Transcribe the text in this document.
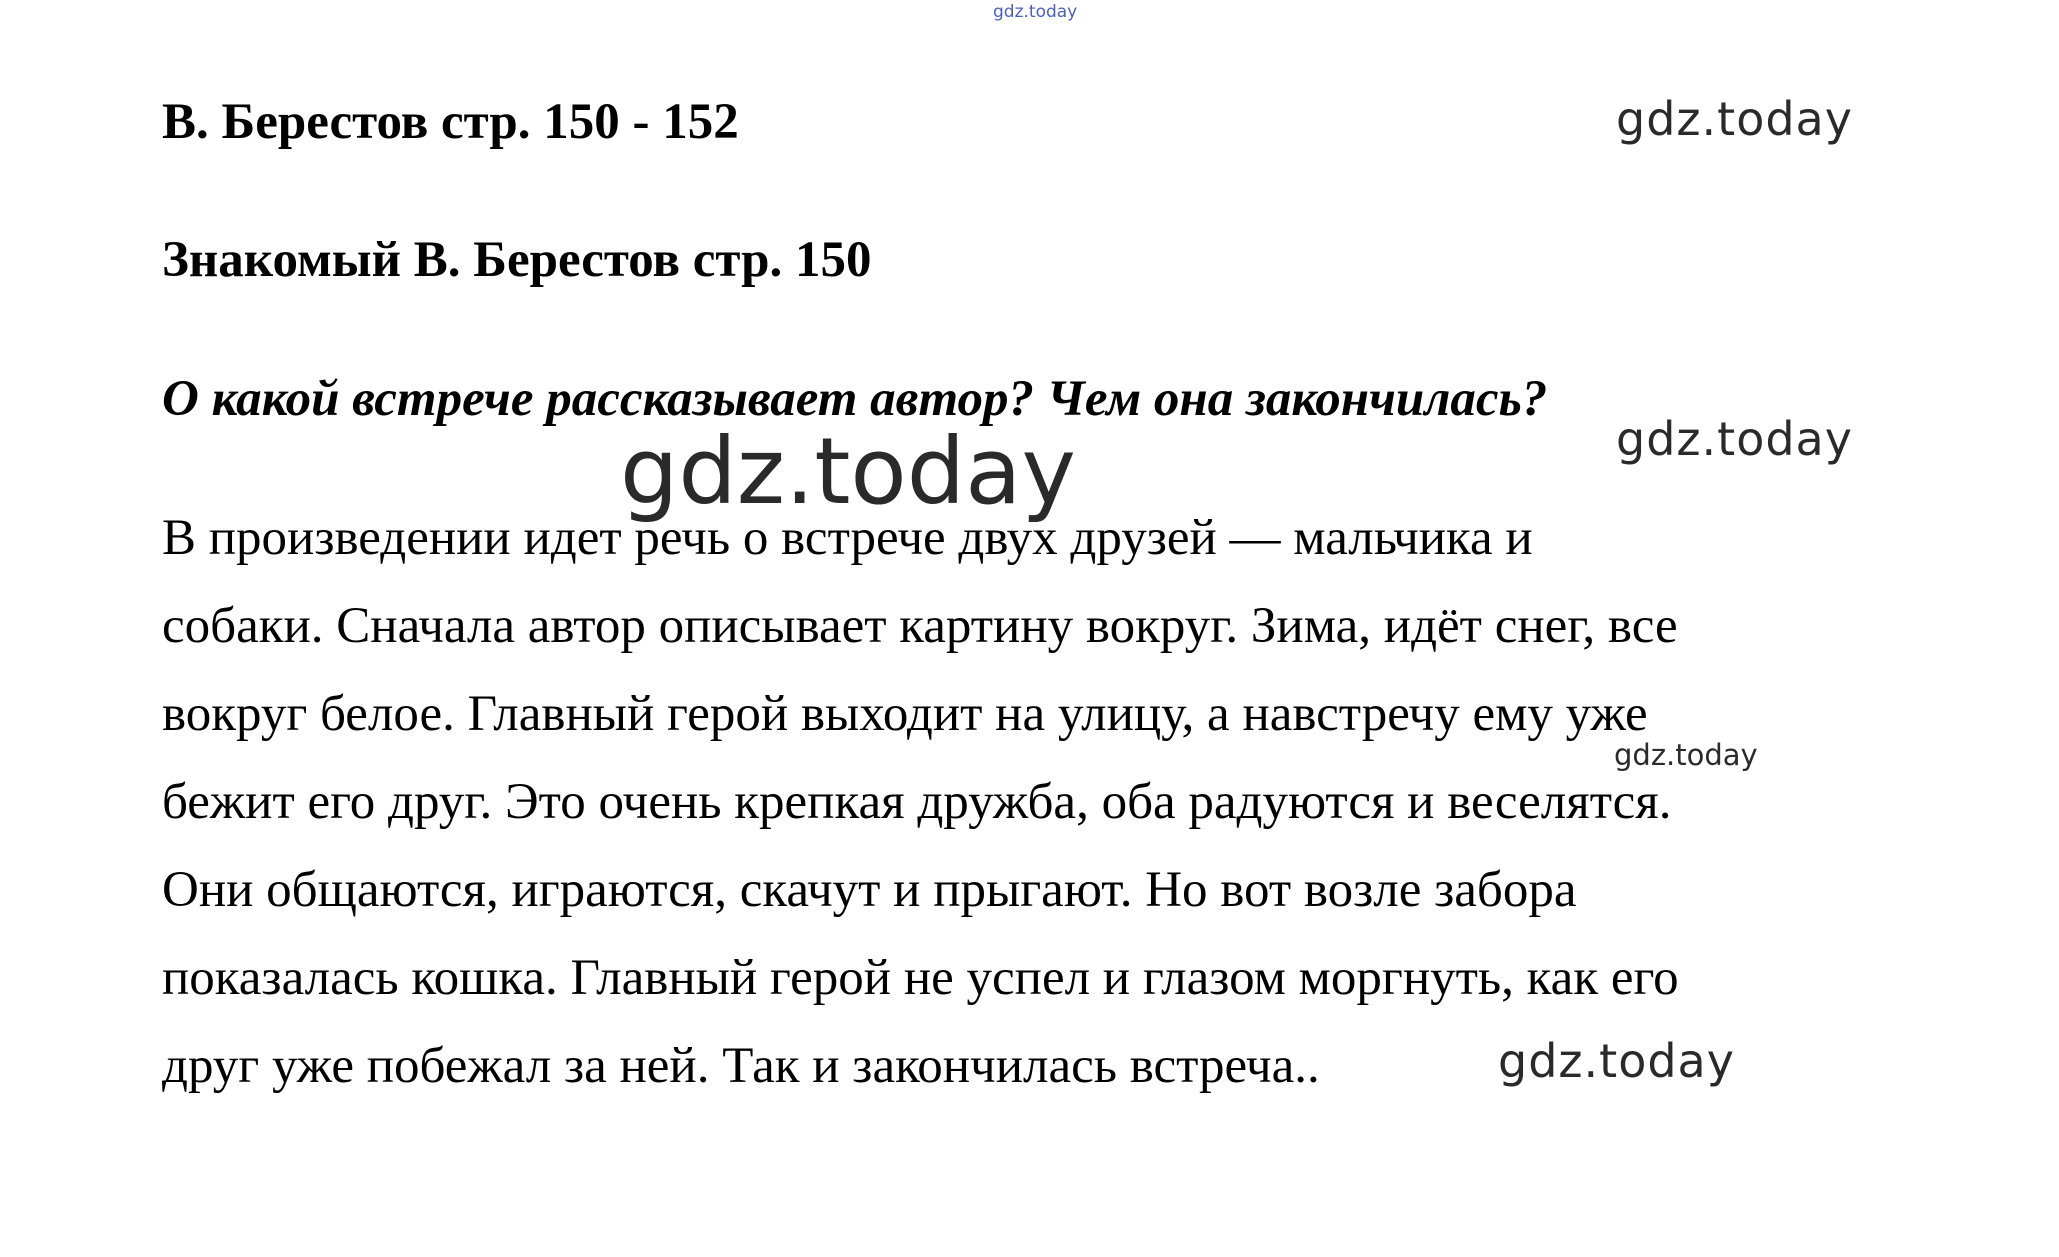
gdz.today
В. Берестов стр. 150 - 152	gdz.today
Знакомый В. Берестов стр. 150

О какой встрече рассказывает автор? Чем она закончилась?

gdz.today
gdz.today
В произведении идет речь о встрече двух друзей — мальчика и
собаки. Сначала автор описывает картину вокруг. Зима, идёт снег, все
вокруг белое. Главный герой выходит на улицу, а навстречу ему уже
бежит его друг. Это очень крепкая дружба, оба радуются и веселятся.
Они общаются, играются, скачут и прыгают. Но вот возле забора
показалась кошка. Главный герой не успел и глазом моргнуть, как его
друг уже побежал за ней. Так и закончилась встреча..
gdz.today
gdz.today
